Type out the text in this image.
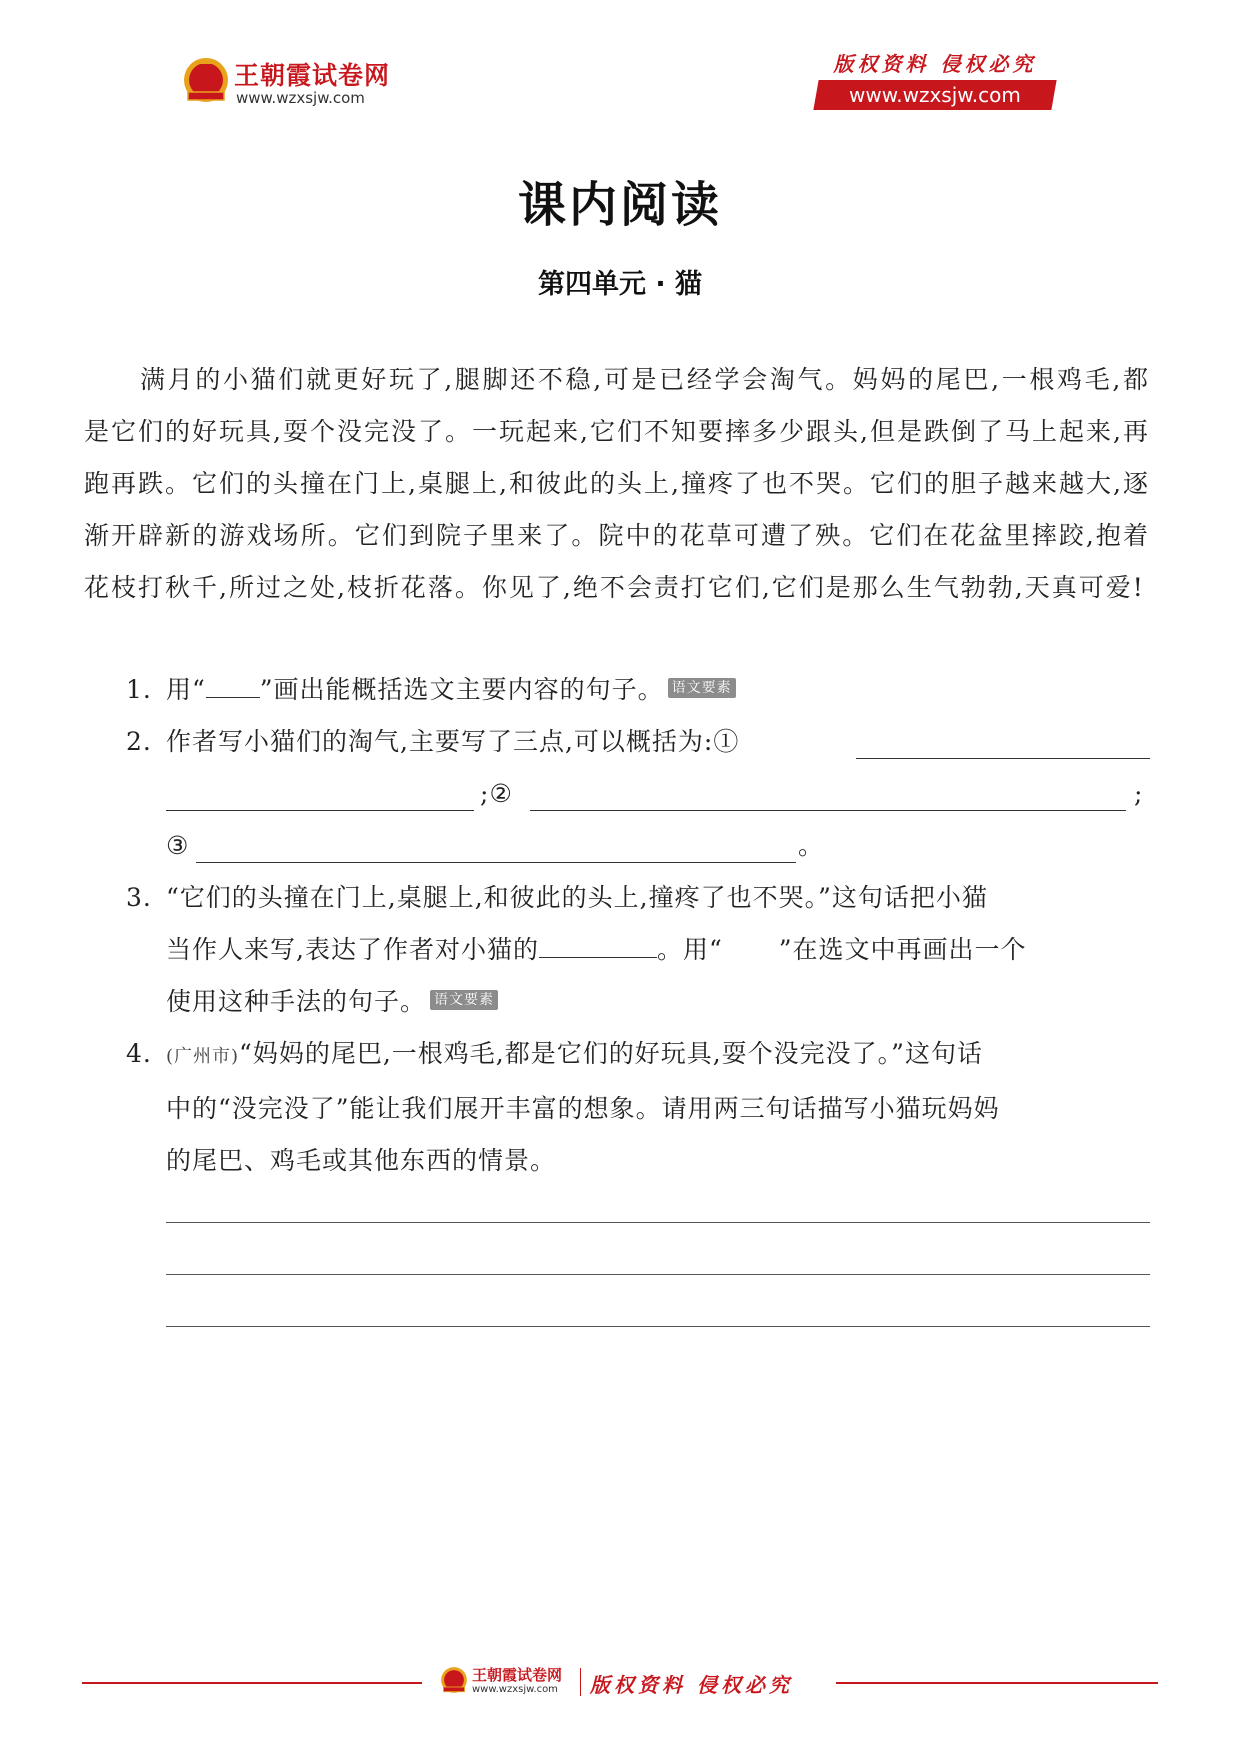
王朝霞试卷网
www.wzxsjw.com
版权资料 侵权必究
www.wzxsjw.com
课内阅读
第四单元 · 猫
满月的小猫们就更好玩了,腿脚还不稳,可是已经学会淘气。妈妈的尾巴,一根鸡毛,都是它们的好玩具,耍个没完没了。一玩起来,它们不知要摔多少跟头,但是跌倒了马上起来,再跑再跌。它们的头撞在门上,桌腿上,和彼此的头上,撞疼了也不哭。它们的胆子越来越大,逐渐开辟新的游戏场所。它们到院子里来了。院中的花草可遭了殃。它们在花盆里摔跤,抱着花枝打秋千,所过之处,枝折花落。你见了,绝不会责打它们,它们是那么生气勃勃,天真可爱!
1. 用“ ”画出能概括选文主要内容的句子。 语文要素
2. 作者写小猫们的淘气,主要写了三点,可以概括为:①
;②	;
③	。
3. “它们的头撞在门上,桌腿上,和彼此的头上,撞疼了也不哭。”这句话把小猫
当作人来写,表达了作者对小猫的	。用“ ”在选文中再画出一个
使用这种手法的句子。 语文要素
4. (广州市)“妈妈的尾巴,一根鸡毛,都是它们的好玩具,耍个没完没了。”这句话
中的“没完没了”能让我们展开丰富的想象。请用两三句话描写小猫玩妈妈
的尾巴、鸡毛或其他东西的情景。
王朝霞试卷网
www.wzxsjw.com 版权资料 侵权必究
